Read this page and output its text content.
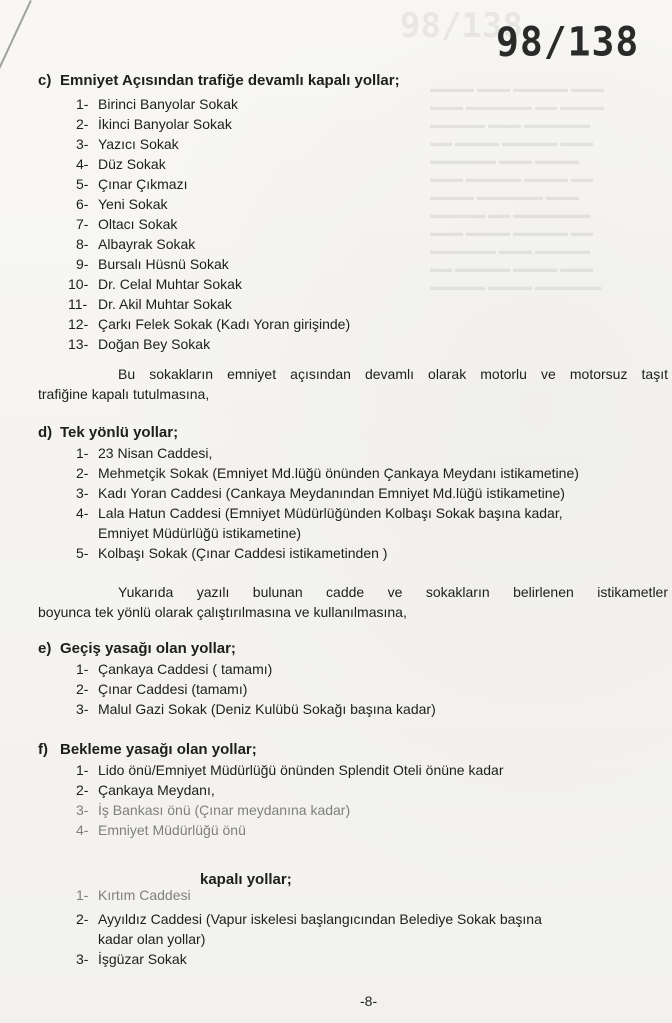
▬▬▬▬ ▬▬▬ ▬▬▬▬▬ ▬▬▬
▬▬▬ ▬▬▬▬▬▬ ▬▬ ▬▬▬▬
▬▬▬▬▬ ▬▬▬ ▬▬▬▬▬▬
▬▬ ▬▬▬▬ ▬▬▬▬▬ ▬▬▬
▬▬▬▬▬▬ ▬▬▬ ▬▬▬▬
▬▬▬ ▬▬▬▬▬ ▬▬▬▬ ▬▬
▬▬▬▬ ▬▬▬▬▬▬ ▬▬▬
▬▬▬▬▬ ▬▬ ▬▬▬▬▬▬▬
▬▬▬ ▬▬▬▬ ▬▬▬▬▬ ▬▬
▬▬▬▬▬▬ ▬▬▬ ▬▬▬▬▬
▬▬ ▬▬▬▬▬ ▬▬▬▬ ▬▬▬
▬▬▬▬▬ ▬▬▬▬ ▬▬▬▬▬▬
98/138
98/138
c) Emniyet Açısından trafiğe devamlı kapalı yollar;
1- Birinci Banyolar Sokak
2- İkinci Banyolar Sokak
3- Yazıcı Sokak
4- Düz Sokak
5- Çınar Çıkmazı
6- Yeni Sokak
7- Oltacı Sokak
8- Albayrak Sokak
9- Bursalı Hüsnü Sokak
10- Dr. Celal Muhtar Sokak
11- Dr. Akil Muhtar Sokak
12- Çarkı Felek Sokak (Kadı Yoran girişinde)
13- Doğan Bey Sokak
Bu sokakların emniyet açısından devamlı olarak motorlu ve motorsuz taşıt
trafiğine kapalı tutulmasına,
d) Tek yönlü yollar;
1- 23 Nisan Caddesi,
2- Mehmetçik Sokak (Emniyet Md.lüğü önünden Çankaya Meydanı istikametine)
3- Kadı Yoran Caddesi (Cankaya Meydanından Emniyet Md.lüğü istikametine)
4- Lala Hatun Caddesi (Emniyet Müdürlüğünden Kolbaşı Sokak başına kadar,
Emniyet Müdürlüğü istikametine)
5- Kolbaşı Sokak (Çınar Caddesi istikametinden )
Yukarıda yazılı bulunan cadde ve sokakların belirlenen istikametler
boyunca tek yönlü olarak çalıştırılmasına ve kullanılmasına,
e) Geçiş yasağı olan yollar;
1- Çankaya Caddesi ( tamamı)
2- Çınar Caddesi (tamamı)
3- Malul Gazi Sokak (Deniz Kulübü Sokağı başına kadar)
f) Bekleme yasağı olan yollar;
1- Lido önü/Emniyet Müdürlüğü önünden Splendit Oteli önüne kadar
2- Çankaya Meydanı,
3- İş Bankası önü (Çınar meydanına kadar)
4- Emniyet Müdürlüğü önü
kapalı yollar;
1- Kırtım Caddesi
2- Ayyıldız Caddesi (Vapur iskelesi başlangıcından Belediye Sokak başına
kadar olan yollar)
3- İşgüzar Sokak
-8-
